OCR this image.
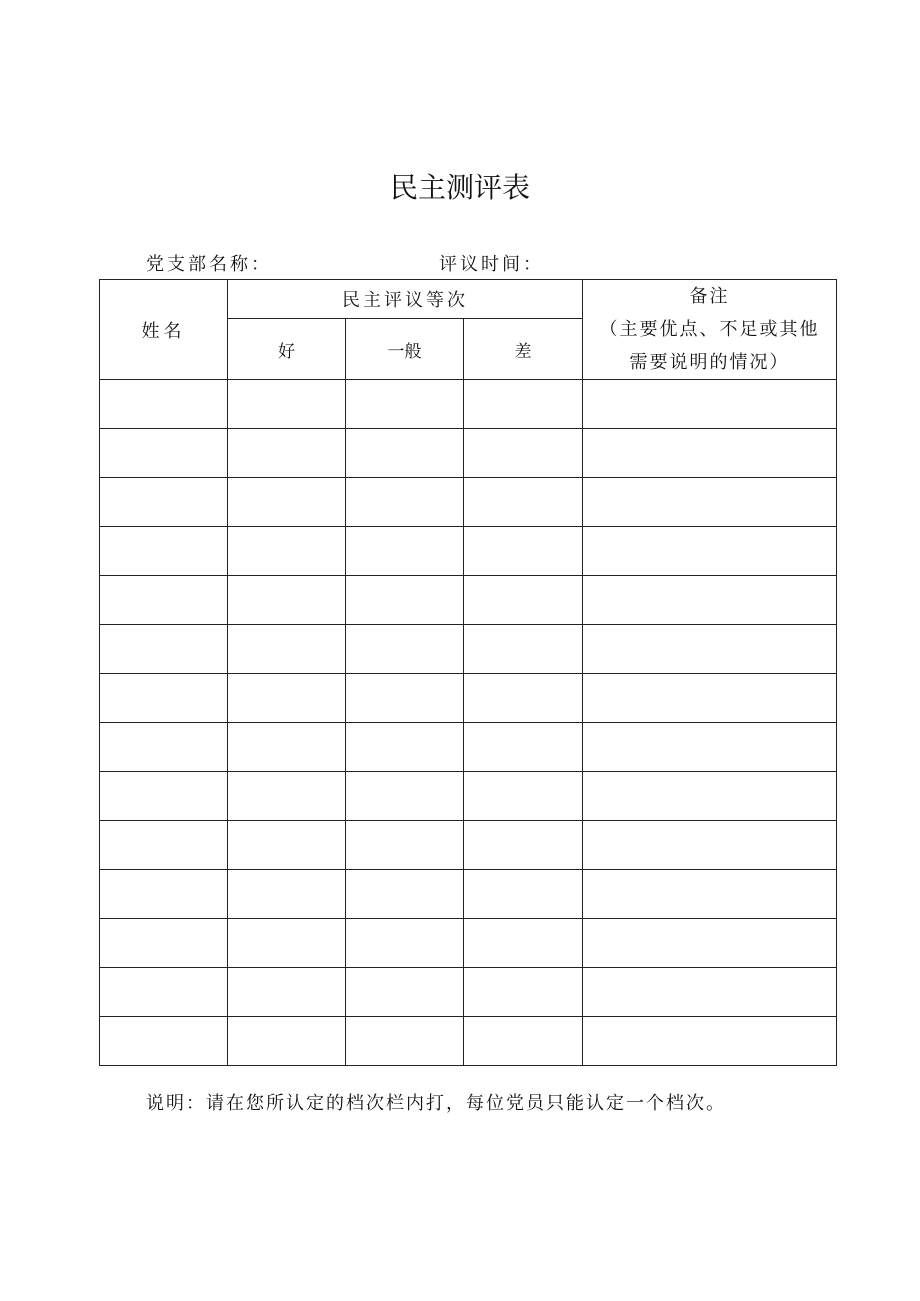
民主测评表
党支部名称：	评议时间：
姓名	民主评议等次			备注
（主要优点、不足或其他
需要说明的情况）

	好	一般	差	

说明：请在您所认定的档次栏内打，每位党员只能认定一个档次。
